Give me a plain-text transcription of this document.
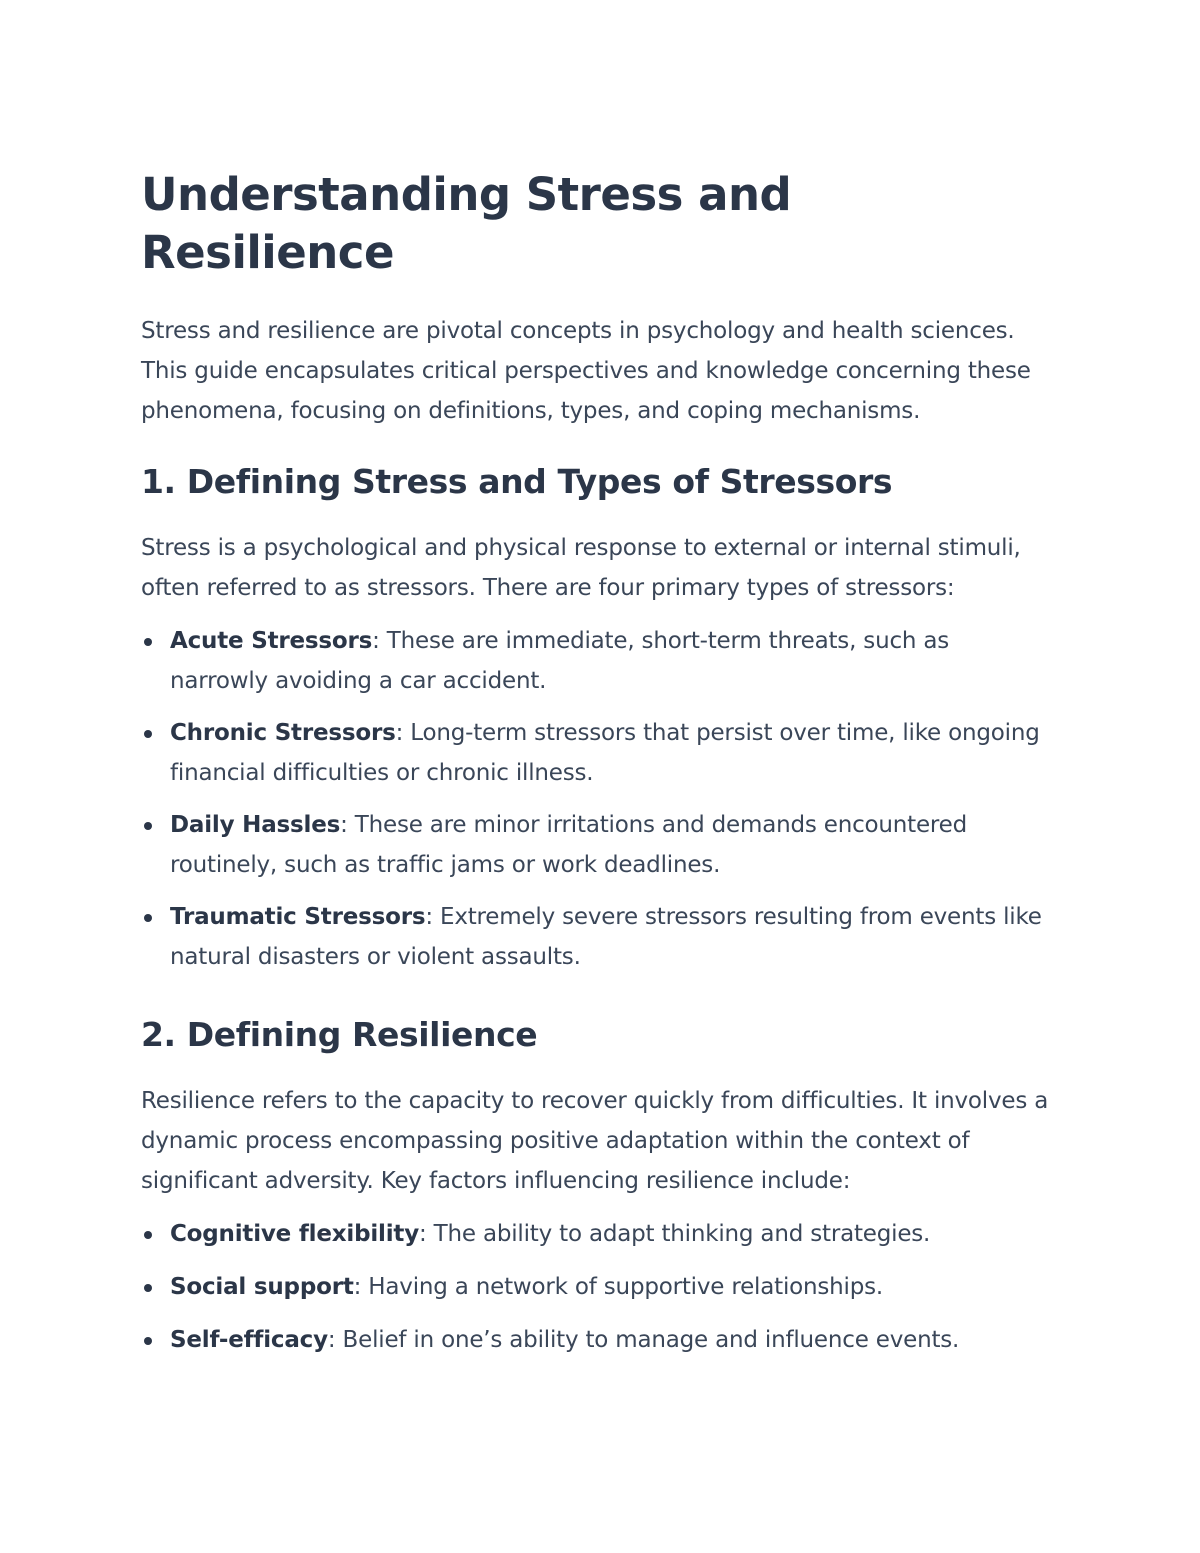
Understanding Stress and Resilience

Stress and resilience are pivotal concepts in psychology and health sciences. This guide encapsulates critical perspectives and knowledge concerning these phenomena, focusing on definitions, types, and coping mechanisms.

1. Defining Stress and Types of Stressors

Stress is a psychological and physical response to external or internal stimuli, often referred to as stressors. There are four primary types of stressors:

Acute Stressors: These are immediate, short-term threats, such as narrowly avoiding a car accident.
Chronic Stressors: Long-term stressors that persist over time, like ongoing financial difficulties or chronic illness.
Daily Hassles: These are minor irritations and demands encountered routinely, such as traffic jams or work deadlines.
Traumatic Stressors: Extremely severe stressors resulting from events like natural disasters or violent assaults.
2. Defining Resilience

Resilience refers to the capacity to recover quickly from difficulties. It involves a dynamic process encompassing positive adaptation within the context of significant adversity. Key factors influencing resilience include:

Cognitive flexibility: The ability to adapt thinking and strategies.
Social support: Having a network of supportive relationships.
Self-efficacy: Belief in one’s ability to manage and influence events.
